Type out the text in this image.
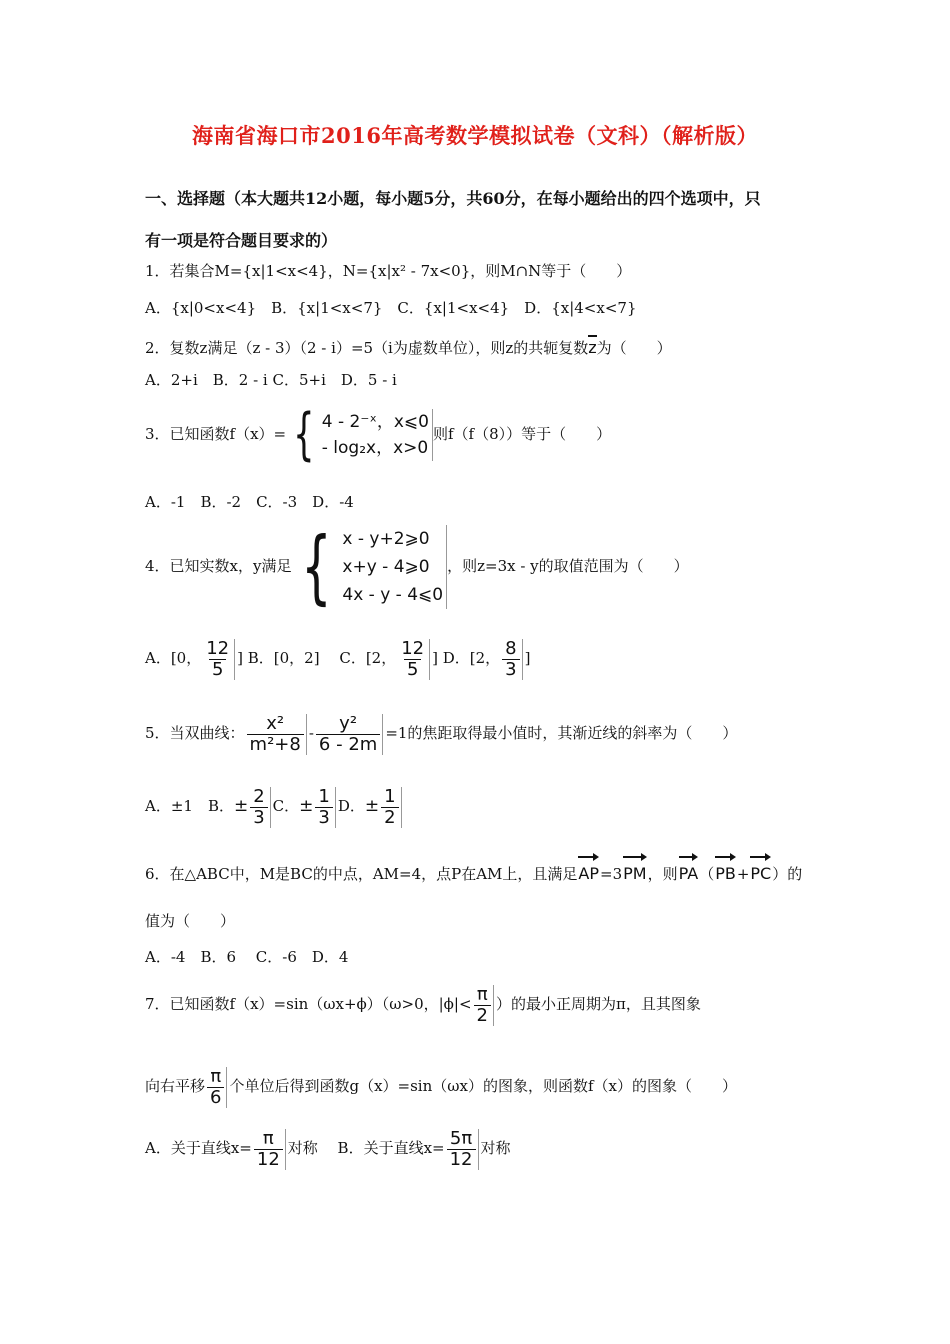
海南省海口市2016年高考数学模拟试卷（文科）（解析版）
一、选择题（本大题共12小题，每小题5分，共60分，在每小题给出的四个选项中，只
有一项是符合题目要求的）
1．若集合M={x|1<x<4}，N={x|x² - 7x<0}，则M∩N等于（　　）
A．{x|0<x<4}　B．{x|1<x<7}　C．{x|1<x<4}　D．{x|4<x<7}
2．复数z满足（z - 3）（2 - i）=5（i为虚数单位），则z的共轭复数z为（　　）
A．2+i　B．2 - i C．5+i　D．5 - i
3．已知函数f（x）= { 4 - 2⁻ˣ，x⩽0
- log₂x，x>0
则f（f（8））等于（　　）
A．-1　B．-2　C．-3　D．-4
4．已知实数x，y满足 { x - y+2⩾0
x+y - 4⩾0
4x - y - 4⩽0
，则z=3x - y的取值范围为（　　）
A．[0， $\frac{12}{5}$ ] B．[0，2]　 C．[2， $\frac{12}{5}$ ] D．[2， $\frac{8}{3}$ ]
5．当双曲线： $\frac{\text{x²}}{\text{m²+8}} - \frac{\text{y²}}{6 - 2m} =1$的焦距取得最小值时，其渐近线的斜率为（　　）
A．±1　B．± $\frac{2}{3}$ C．± $\frac{1}{3}$ D．± $\frac{1}{2}$
6．在△ABC中，M是BC的中点，AM=4，点P在AM上，且满足AP=3PM，则PA（PB+PC）的
值为（　　）
A．-4　B．6　 C．-6　D．4
7．已知函数f（x）=sin（ωx+ϕ）（ω>0，$|\phi|< \frac{\pi}{2}$ ）的最小正周期为π，且其图象
向右平移 $\frac{\pi}{6}$ 个单位后得到函数g（x）=sin（ωx）的图象，则函数f（x）的图象（　　）
A．关于直线$x= \frac{\pi}{12}$ 对称　 B．关于直线$x= \frac{5\pi}{12}$ 对称
